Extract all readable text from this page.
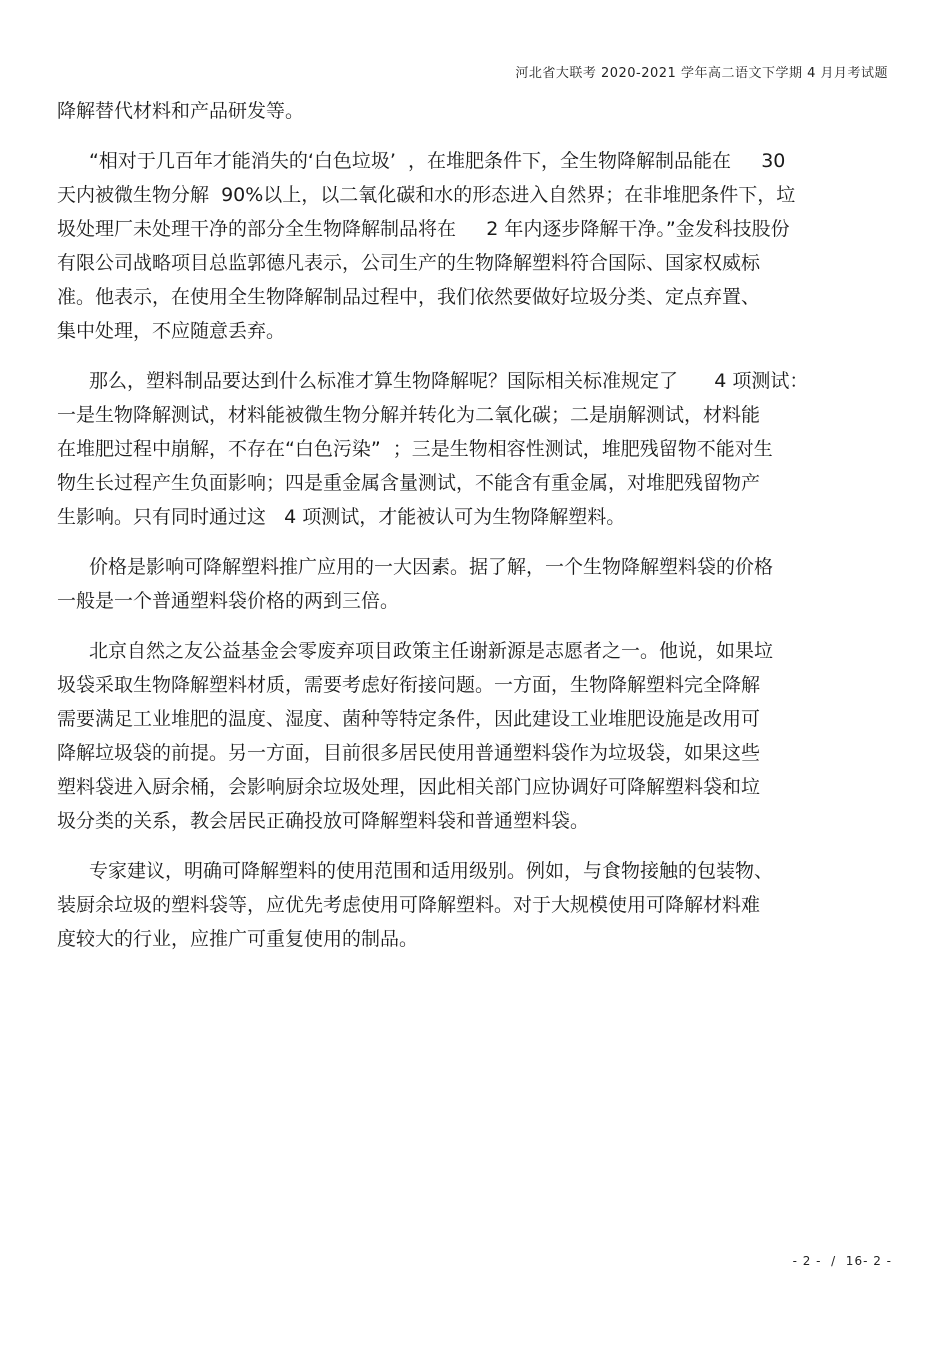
河北省大联考 2020-2021 学年高二语文下学期 4 月月考试题
降解替代材料和产品研发等。
“相对于几百年才能消失的‘白色垃圾’  ，在堆肥条件下，全生物降解制品能在     30
天内被微生物分解  90%以上，以二氧化碳和水的形态进入自然界；在非堆肥条件下，垃
圾处理厂未处理干净的部分全生物降解制品将在     2 年内逐步降解干净。”金发科技股份
有限公司战略项目总监郭德凡表示，公司生产的生物降解塑料符合国际、国家权威标
准。他表示，在使用全生物降解制品过程中，我们依然要做好垃圾分类、定点弃置、
集中处理，不应随意丢弃。
那么，塑料制品要达到什么标准才算生物降解呢？国际相关标准规定了      4 项测试：
一是生物降解测试，材料能被微生物分解并转化为二氧化碳；二是崩解测试，材料能
在堆肥过程中崩解，不存在“白色污染”  ；三是生物相容性测试，堆肥残留物不能对生
物生长过程产生负面影响；四是重金属含量测试，不能含有重金属，对堆肥残留物产
生影响。只有同时通过这   4 项测试，才能被认可为生物降解塑料。
价格是影响可降解塑料推广应用的一大因素。据了解，一个生物降解塑料袋的价格
一般是一个普通塑料袋价格的两到三倍。
北京自然之友公益基金会零废弃项目政策主任谢新源是志愿者之一。他说，如果垃
圾袋采取生物降解塑料材质，需要考虑好衔接问题。一方面，生物降解塑料完全降解
需要满足工业堆肥的温度、湿度、菌种等特定条件，因此建设工业堆肥设施是改用可
降解垃圾袋的前提。另一方面，目前很多居民使用普通塑料袋作为垃圾袋，如果这些
塑料袋进入厨余桶，会影响厨余垃圾处理，因此相关部门应协调好可降解塑料袋和垃
圾分类的关系，教会居民正确投放可降解塑料袋和普通塑料袋。
专家建议，明确可降解塑料的使用范围和适用级别。例如，与食物接触的包装物、
装厨余垃圾的塑料袋等，应优先考虑使用可降解塑料。对于大规模使用可降解材料难
度较大的行业，应推广可重复使用的制品。
- 2 -  /  16- 2 -
